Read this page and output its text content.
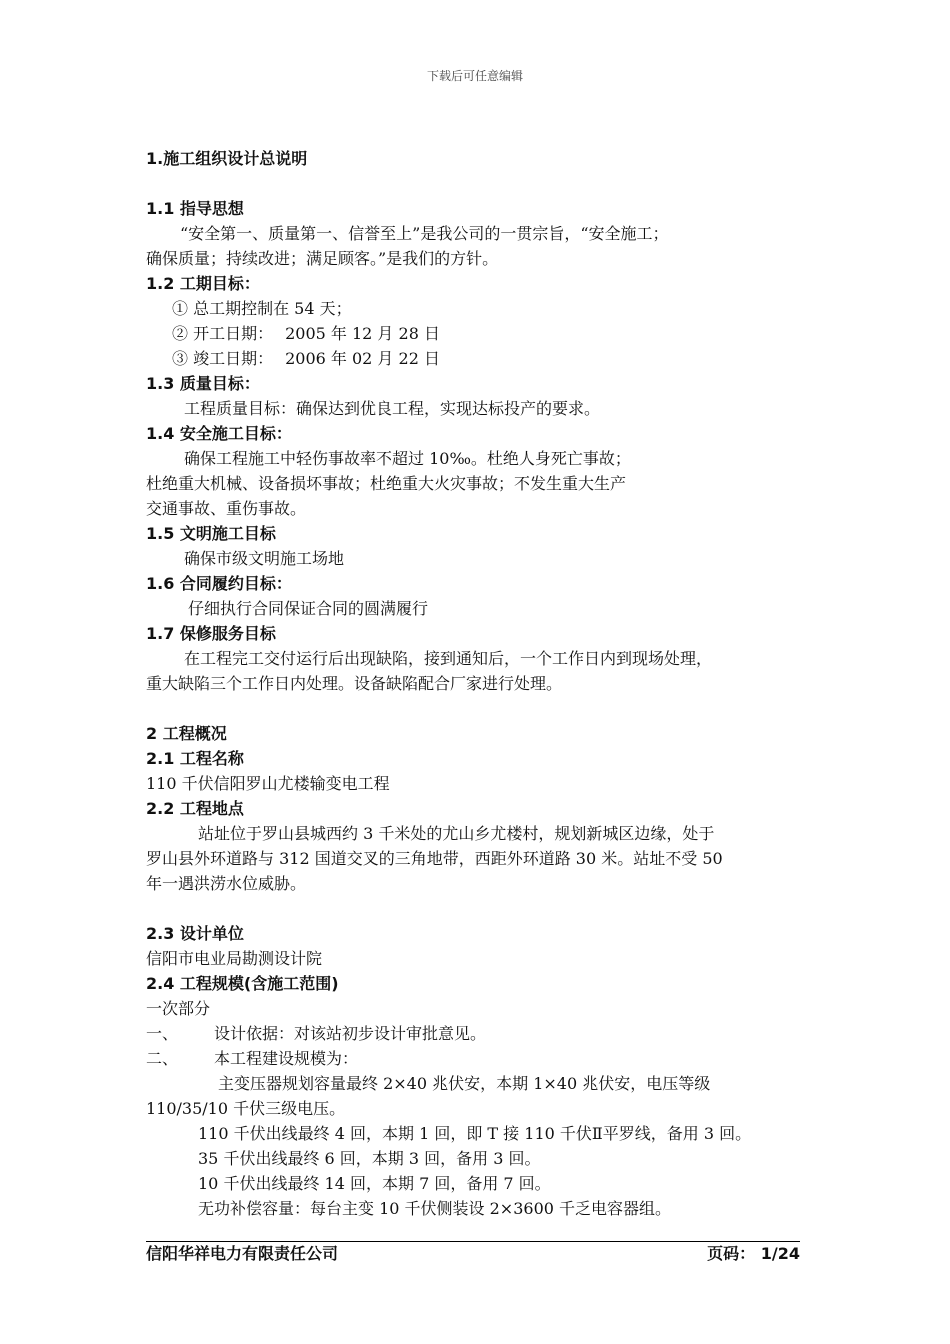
下载后可任意编辑
1.施工组织设计总说明
1.1 指导思想
“安全第一、质量第一、信誉至上”是我公司的一贯宗旨，“安全施工；
确保质量；持续改进；满足顾客。”是我们的方针。
1.2 工期目标：
① 总工期控制在 54 天；
② 开工日期： 2005 年 12 月 28 日
③ 竣工日期： 2006 年 02 月 22 日
1.3 质量目标：
工程质量目标：确保达到优良工程，实现达标投产的要求。
1.4 安全施工目标：
确保工程施工中轻伤事故率不超过 10‰。杜绝人身死亡事故；
杜绝重大机械、设备损坏事故；杜绝重大火灾事故；不发生重大生产
交通事故、重伤事故。
1.5 文明施工目标
确保市级文明施工场地
1.6 合同履约目标：
仔细执行合同保证合同的圆满履行
1.7 保修服务目标
在工程完工交付运行后出现缺陷，接到通知后，一个工作日内到现场处理，
重大缺陷三个工作日内处理。设备缺陷配合厂家进行处理。
2 工程概况
2.1 工程名称
110 千伏信阳罗山尤楼输变电工程
2.2 工程地点
站址位于罗山县城西约 3 千米处的尤山乡尤楼村，规划新城区边缘，处于
罗山县外环道路与 312 国道交叉的三角地带，西距外环道路 30 米。站址不受 50
年一遇洪涝水位威胁。
2.3 设计单位
信阳市电业局勘测设计院
2.4 工程规模(含施工范围)
一次部分
一、 设计依据：对该站初步设计审批意见。
二、 本工程建设规模为：
主变压器规划容量最终 2×40 兆伏安，本期 1×40 兆伏安，电压等级
110/35/10 千伏三级电压。
110 千伏出线最终 4 回，本期 1 回，即 T 接 110 千伏Ⅱ平罗线，备用 3 回。
35 千伏出线最终 6 回，本期 3 回，备用 3 回。
10 千伏出线最终 14 回，本期 7 回，备用 7 回。
无功补偿容量：每台主变 10 千伏侧装设 2×3600 千乏电容器组。
信阳华祥电力有限责任公司	页码： 1/24
